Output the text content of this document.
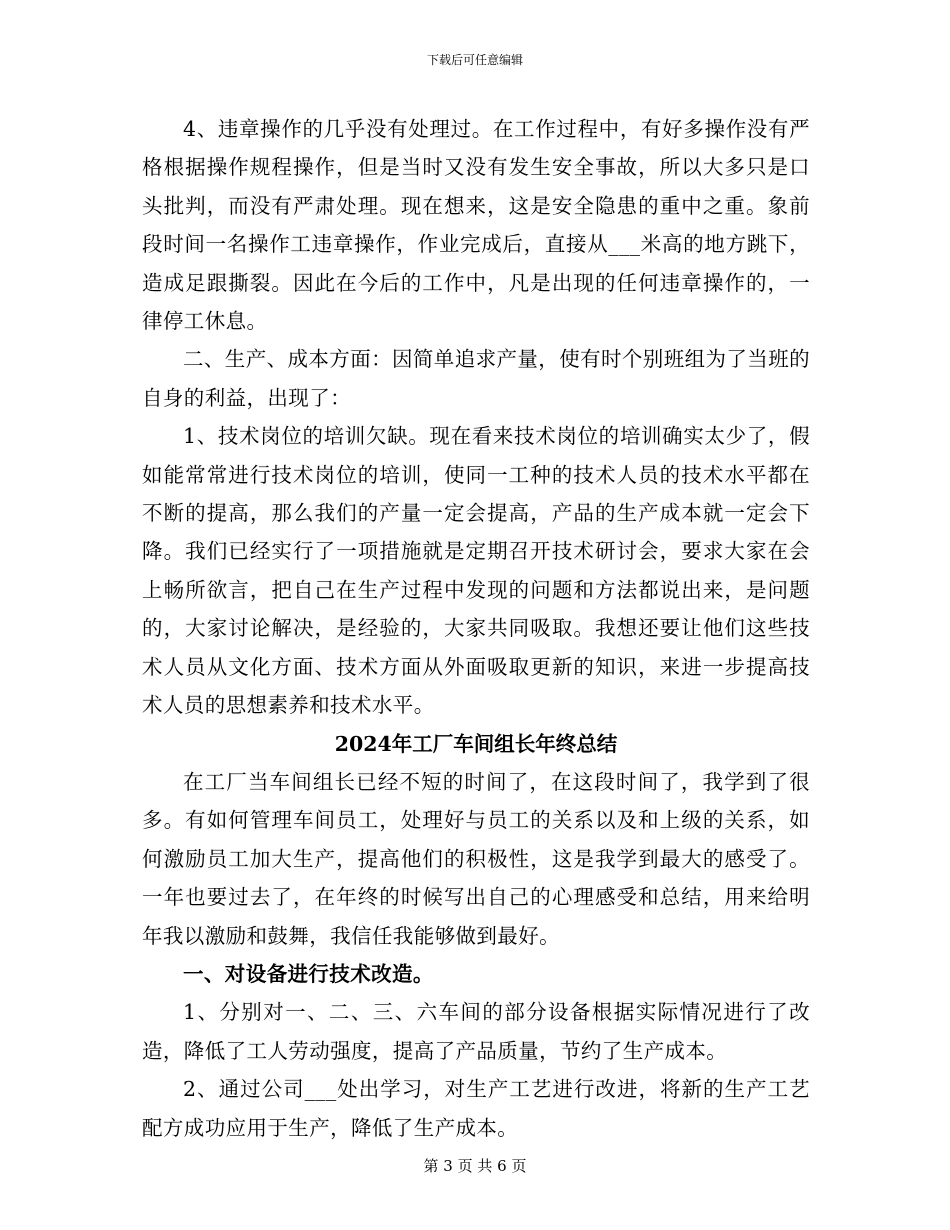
下载后可任意编辑

4、违章操作的几乎没有处理过。在工作过程中，有好多操作没有严格根据操作规程操作，但是当时又没有发生安全事故，所以大多只是口头批判，而没有严肃处理。现在想来，这是安全隐患的重中之重。象前段时间一名操作工违章操作，作业完成后，直接从___米高的地方跳下，造成足跟撕裂。因此在今后的工作中，凡是出现的任何违章操作的，一律停工休息。

二、生产、成本方面：因简单追求产量，使有时个别班组为了当班的自身的利益，出现了：

1、技术岗位的培训欠缺。现在看来技术岗位的培训确实太少了，假如能常常进行技术岗位的培训，使同一工种的技术人员的技术水平都在不断的提高，那么我们的产量一定会提高，产品的生产成本就一定会下降。我们已经实行了一项措施就是定期召开技术研讨会，要求大家在会上畅所欲言，把自己在生产过程中发现的问题和方法都说出来，是问题的，大家讨论解决，是经验的，大家共同吸取。我想还要让他们这些技术人员从文化方面、技术方面从外面吸取更新的知识，来进一步提高技术人员的思想素养和技术水平。

2024年工厂车间组长年终总结

在工厂当车间组长已经不短的时间了，在这段时间了，我学到了很多。有如何管理车间员工，处理好与员工的关系以及和上级的关系，如何激励员工加大生产，提高他们的积极性，这是我学到最大的感受了。一年也要过去了，在年终的时候写出自己的心理感受和总结，用来给明年我以激励和鼓舞，我信任我能够做到最好。

一、对设备进行技术改造。

1、分别对一、二、三、六车间的部分设备根据实际情况进行了改造，降低了工人劳动强度，提高了产品质量，节约了生产成本。

2、通过公司___处出学习，对生产工艺进行改进，将新的生产工艺配方成功应用于生产，降低了生产成本。

第 3 页 共 6 页
